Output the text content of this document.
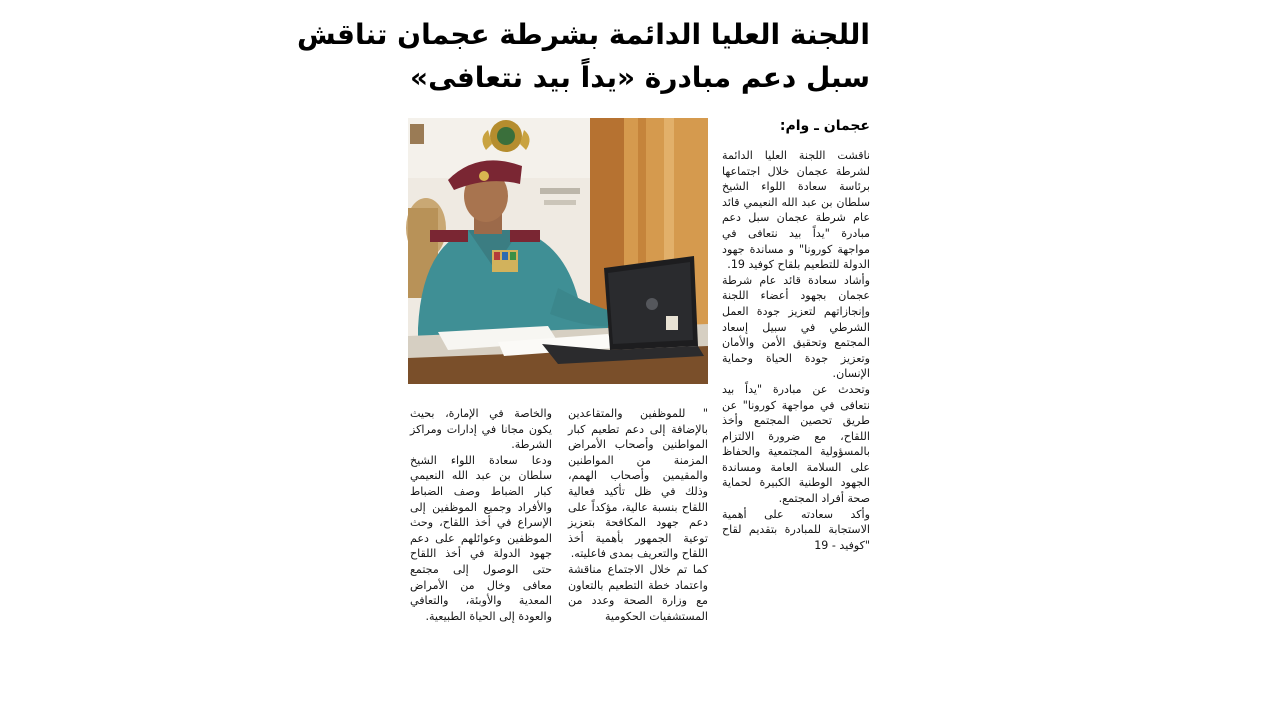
اللجنة العليا الدائمة بشرطة عجمان تناقش
سبل دعم مبادرة «يداً بيد نتعافى»
عجمان ـ وام:

ناقشت اللجنة العليا الدائمة لشرطة عجمان خلال اجتماعها برئاسة سعادة اللواء الشيخ سلطان بن عبد الله النعيمي قائد عام شرطة عجمان سبل دعم مبادرة "يداً بيد نتعافى في مواجهة كورونا" و مساندة جهود الدولة للتطعيم بلقاح كوفيد 19.

وأشاد سعادة قائد عام شرطة عجمان بجهود أعضاء اللجنة وإنجازاتهم لتعزيز جودة العمل الشرطي في سبيل إسعاد المجتمع وتحقيق الأمن والأمان وتعزيز جودة الحياة وحماية الإنسان.

وتحدث عن مبادرة "يداً بيد نتعافى في مواجهة كورونا" عن طريق تحصين المجتمع وأخذ اللقاح، مع ضرورة الالتزام بالمسؤولية المجتمعية والحفاظ على السلامة العامة ومساندة الجهود الوطنية الكبيرة لحماية صحة أفراد المجتمع.

وأكد سعادته على أهمية الاستجابة للمبادرة بتقديم لقاح "كوفيد - 19

" للموظفين والمتقاعدين بالإضافة إلى دعم تطعيم كبار المواطنين وأصحاب الأمراض المزمنة من المواطنين والمقيمين وأصحاب الهمم، وذلك في ظل تأكيد فعالية اللقاح بنسبة عالية، مؤكداً على دعم جهود المكافحة بتعزيز توعية الجمهور بأهمية أخذ اللقاح والتعريف بمدى فاعليته.

كما تم خلال الاجتماع مناقشة واعتماد خطة التطعيم بالتعاون مع وزارة الصحة وعدد من المستشفيات الحكومية

والخاصة في الإمارة، بحيث يكون مجانا في إدارات ومراكز الشرطة.

ودعا سعادة اللواء الشيخ سلطان بن عبد الله النعيمي كبار الضباط وصف الضباط والأفراد وجميع الموظفين إلى الإسراع في أخذ اللقاح، وحث الموظفين وعوائلهم على دعم جهود الدولة في أخذ اللقاح حتى الوصول إلى مجتمع معافى وخال من الأمراض المعدية والأوبئة، والتعافي والعودة إلى الحياة الطبيعية.
